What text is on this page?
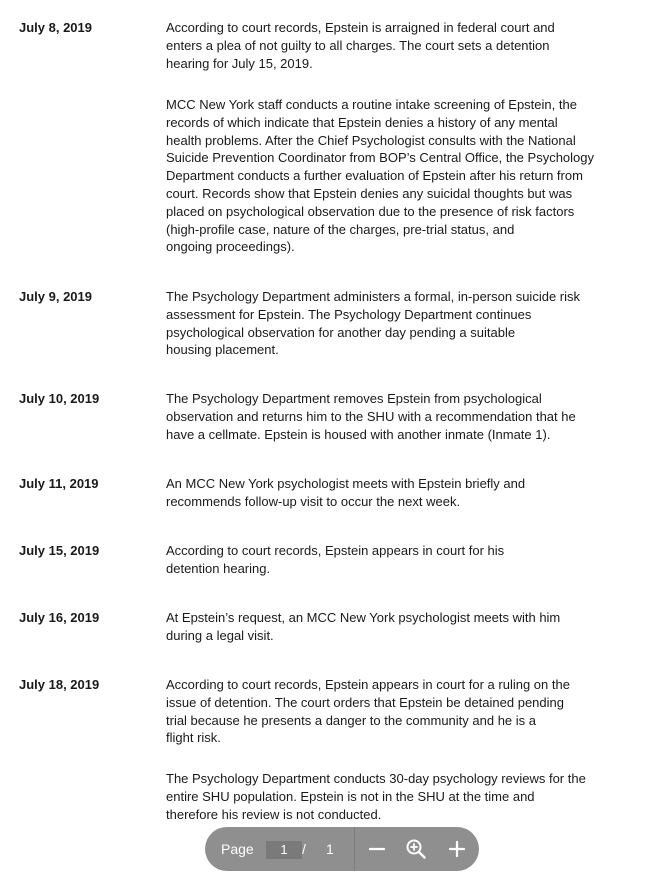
July 8, 2019	According to court records, Epstein is arraigned in federal court and
enters a plea of not guilty to all charges. The court sets a detention
hearing for July 15, 2019.
MCC New York staff conducts a routine intake screening of Epstein, the
records of which indicate that Epstein denies a history of any mental
health problems. After the Chief Psychologist consults with the National
Suicide Prevention Coordinator from BOP’s Central Office, the Psychology
Department conducts a further evaluation of Epstein after his return from
court. Records show that Epstein denies any suicidal thoughts but was
placed on psychological observation due to the presence of risk factors
(high-profile case, nature of the charges, pre-trial status, and
ongoing proceedings).
July 9, 2019	The Psychology Department administers a formal, in-person suicide risk
assessment for Epstein. The Psychology Department continues
psychological observation for another day pending a suitable
housing placement.
July 10, 2019	The Psychology Department removes Epstein from psychological
observation and returns him to the SHU with a recommendation that he
have a cellmate. Epstein is housed with another inmate (Inmate 1).
July 11, 2019	An MCC New York psychologist meets with Epstein briefly and
recommends follow-up visit to occur the next week.
July 15, 2019	According to court records, Epstein appears in court for his
detention hearing.
July 16, 2019	At Epstein’s request, an MCC New York psychologist meets with him
during a legal visit.
July 18, 2019	According to court records, Epstein appears in court for a ruling on the
issue of detention. The court orders that Epstein be detained pending
trial because he presents a danger to the community and he is a
flight risk.
The Psychology Department conducts 30-day psychology reviews for the
entire SHU population. Epstein is not in the SHU at the time and
therefore his review is not conducted.
Page
1	/ 1
